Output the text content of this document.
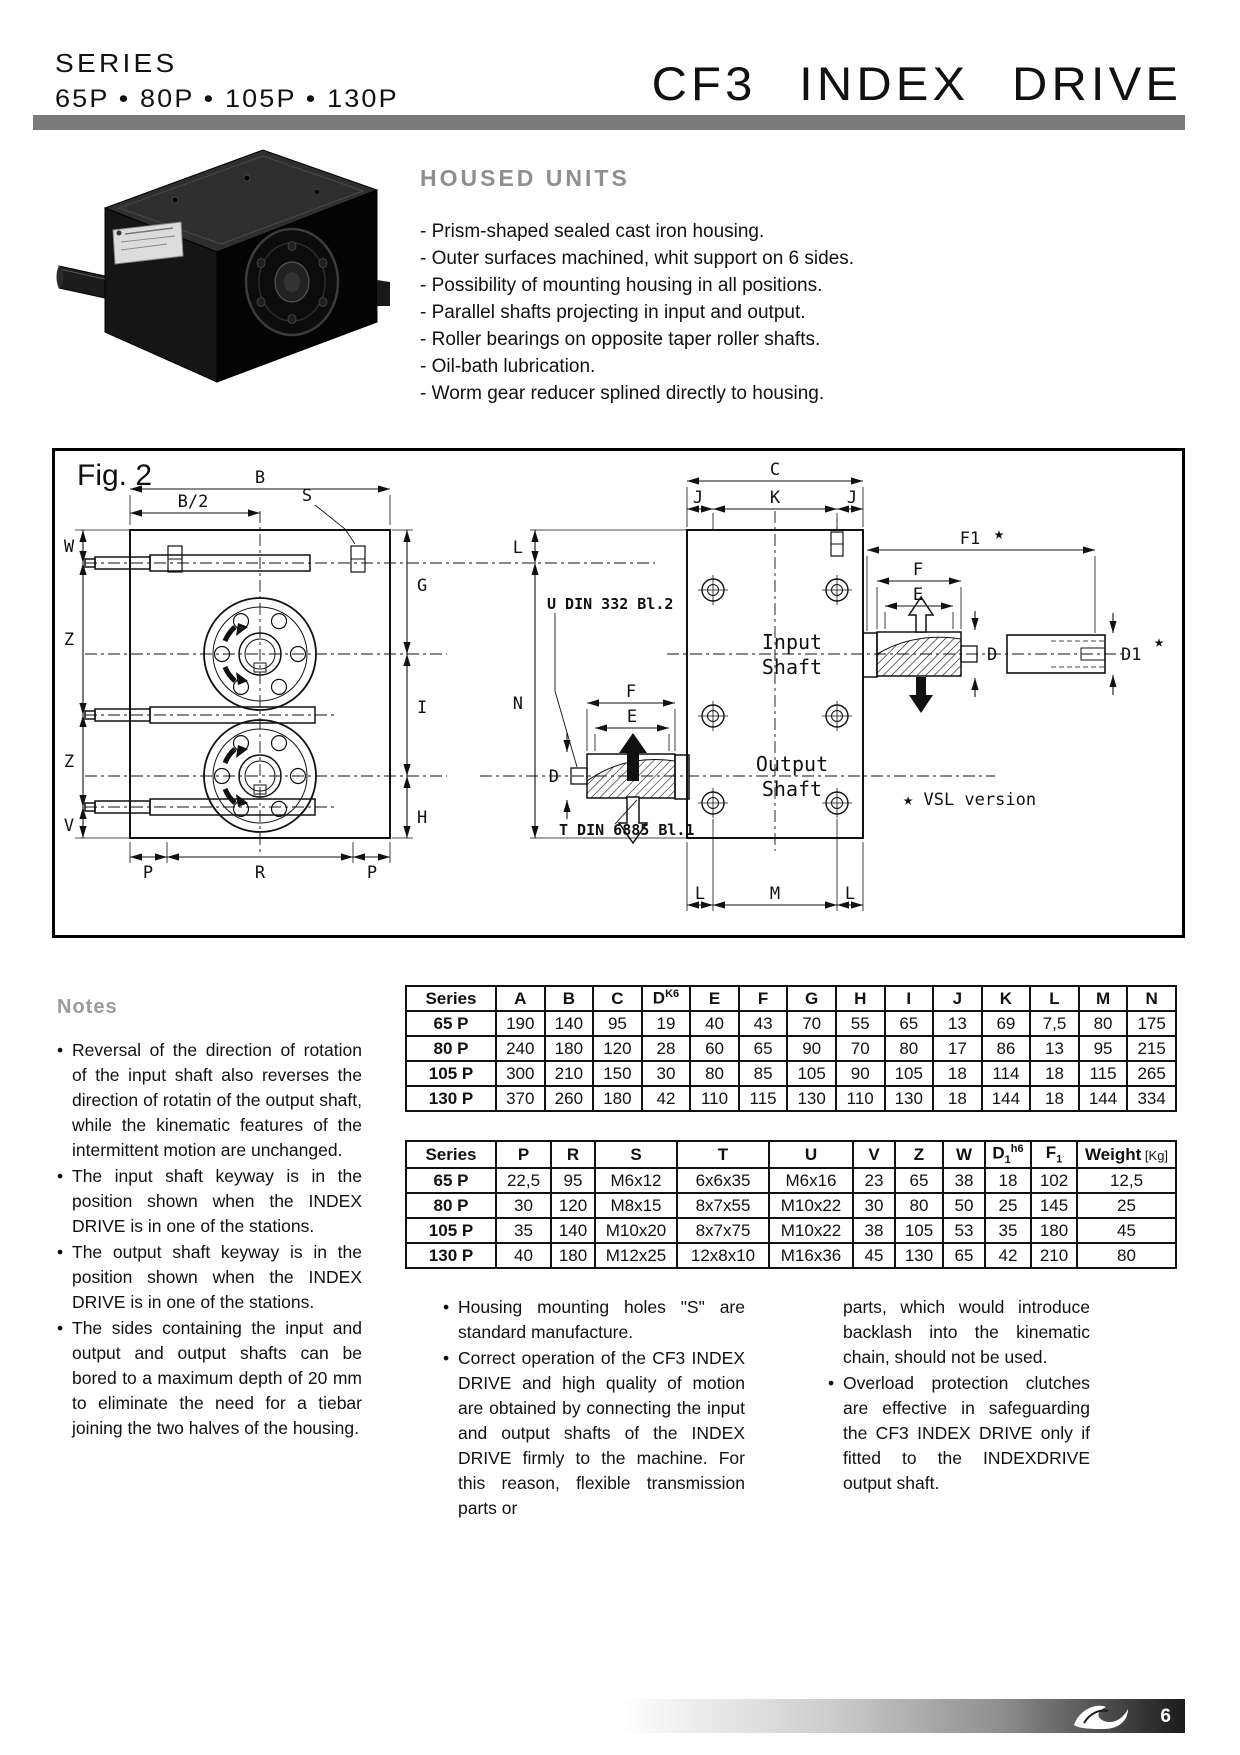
SERIES
65P • 80P • 105P • 130P	CF3 INDEX DRIVE
HOUSED UNITS
- Prism-shaped sealed cast iron housing.
- Outer surfaces machined, whit support on 6 sides.
- Possibility of mounting housing in all positions.
- Parallel shafts projecting in input and output.
- Roller bearings on opposite taper roller shafts.
- Oil-bath lubrication.
- Worm gear reducer splined directly to housing.
Fig. 2	B
B/2	S
W
Z
Z
V
G
I
H
P	R	P
C
J	K	J
L
N
L	M	L
F
E
D
U DIN 332 Bl.2
T DIN 6885 Bl.1
F
E
F1 ★
D	D1
★
Input
Shaft
Output
Shaft	★ VSL version
Notes
• Reversal of the direction of rotation of the input shaft also reverses the direction of rotatin of the output shaft, while the kinematic features of the intermittent motion are unchanged.
• The input shaft keyway is in the position shown when the INDEX DRIVE is in one of the stations.
• The output shaft keyway is in the position shown when the INDEX DRIVE is in one of the stations.
• The sides containing the input and output and output shafts can be bored to a maximum depth of 20 mm to eliminate the need for a tiebar joining the two halves of the housing.
Series	A	B	C	$D^{K6}$	E	F	G	H	I	J	K	L	M	N
65 P	190	140	95	19	40	43	70	55	65	13	69	7,5	80	175
80 P	240	180	120	28	60	65	90	70	80	17	86	13	95	215
105 P	300	210	150	30	80	85	105	90	105	18	114	18	115	265
130 P	370	260	180	42	110	115	130	110	130	18	144	18	144	334
Series	P	R	S	T	U	V	Z	W	$D_1^{h6}$	$F_1$	Weight [Kg]
65 P	22,5	95	M6x12	6x6x35	M6x16	23	65	38	18	102	12,5
80 P	30	120	M8x15	8x7x55	M10x22	30	80	50	25	145	25
105 P	35	140	M10x20	8x7x75	M10x22	38	105	53	35	180	45
130 P	40	180	M12x25	12x8x10	M16x36	45	130	65	42	210	80
• Housing mounting holes "S" are standard manufacture.
• Correct operation of the CF3 INDEX DRIVE and high quality of motion are obtained by connecting the input and output shafts of the INDEX DRIVE firmly to the machine. For this reason, flexible transmission parts or
parts, which would introduce backlash into the kinematic chain, should not be used.
• Overload protection clutches are effective in safeguarding the CF3 INDEX DRIVE only if fitted to the INDEXDRIVE output shaft.
6
